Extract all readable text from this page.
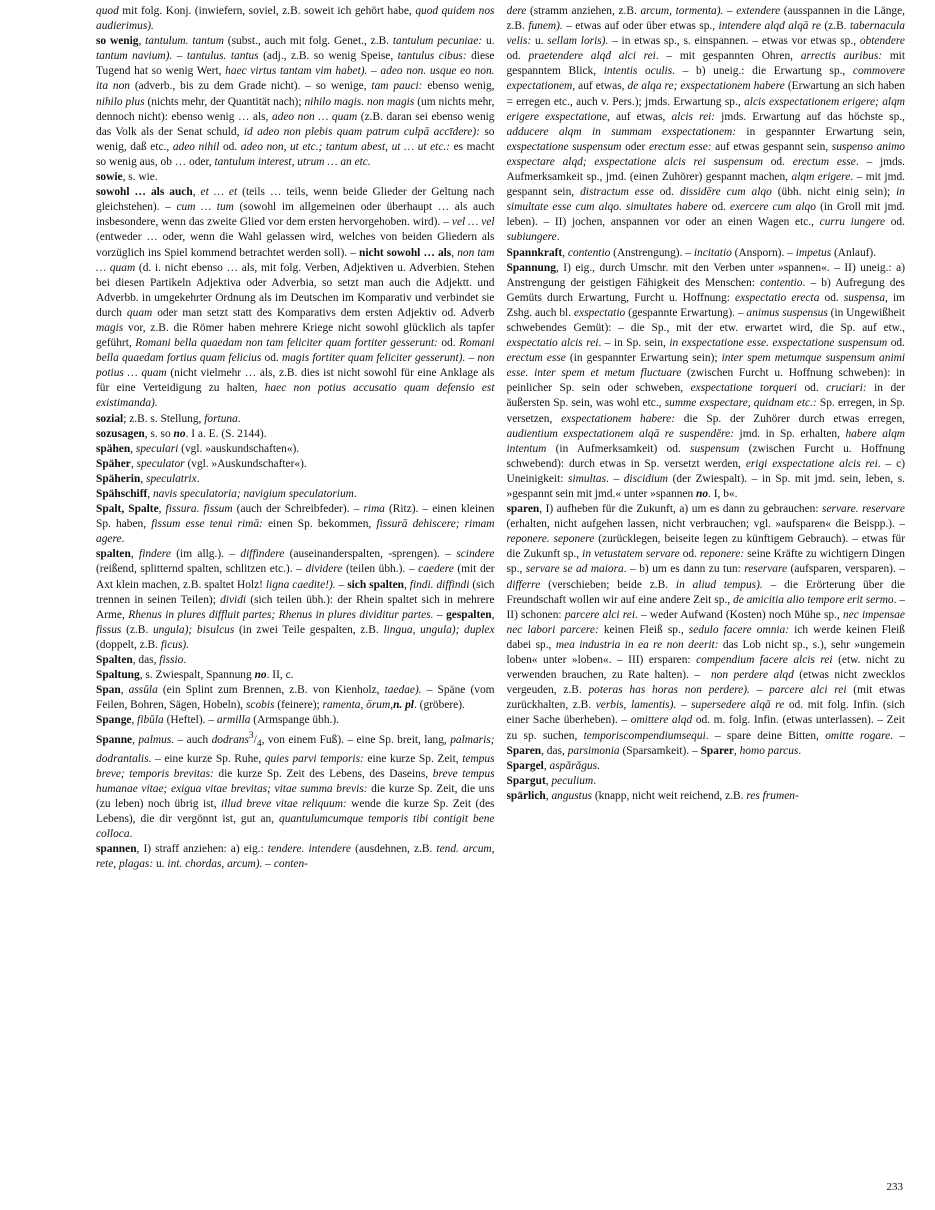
quod mit folg. Konj. (inwiefern, soviel, z.B. soweit ich gehört habe, quod quidem nos audierimus).

so wenig, tantulum. tantum (subst., auch mit folg. Genet., z.B. tantulum pecuniae: u. tantum navium). – tantulus. tantus (adj., z.B. so wenig Speise, tantulus cibus: diese Tugend hat so wenig Wert, haec virtus tantam vim habet). – adeo non. usque eo non. ita non (adverb., bis zu dem Grade nicht). – so wenige, tam pauci: ebenso wenig, nihilo plus (nichts mehr, der Quantität nach); nihilo magis. non magis (um nichts mehr, dennoch nicht): ebenso wenig … als, adeo non … quam (z.B. daran sei ebenso wenig das Volk als der Senat schuld, id adeo non plebis quam patrum culpā accīdere): so wenig, daß etc., adeo nihil od. adeo non, ut etc.; tantum abest, ut … ut etc.: es macht so wenig aus, ob … oder, tantulum interest, utrum … an etc.

sowie, s. wie.

sowohl … als auch, et … et (teils … teils, wenn beide Glieder der Geltung nach gleichstehen). – cum … tum (sowohl im allgemeinen oder überhaupt … als auch insbesondere, wenn das zweite Glied vor dem ersten hervorgehoben. wird). – vel … vel (entweder … oder, wenn die Wahl gelassen wird, welches von beiden Gliedern als vorzüglich ins Spiel kommend betrachtet werden soll). – nicht sowohl … als, non tam … quam (d. i. nicht ebenso … als, mit folg. Verben, Adjektiven u. Adverbien. Stehen bei diesen Partikeln Adjektiva oder Adverbia, so setzt man auch die Adjektt. und Adverbb. in umgekehrter Ordnung als im Deutschen im Komparativ und verbindet sie durch quam oder man setzt statt des Komparativs dem ersten Adjektiv od. Adverb magis vor, z.B. die Römer haben mehrere Kriege nicht sowohl glücklich als tapfer geführt, Romani bella quaedam non tam feliciter quam fortiter gesserunt: od. Romani bella quaedam fortius quam felicius od. magis fortiter quam feliciter gesserunt). – non potius … quam (nicht vielmehr … als, z.B. dies ist nicht sowohl für eine Anklage als für eine Verteidigung zu halten, haec non potius accusatio quam defensio est existimanda).

sozial; z.B. s. Stellung, fortuna.

sozusagen, s. so no. I a. E. (S. 2144).

spähen, speculari (vgl. »auskundschaften«).

Späher, speculator (vgl. »Auskundschafter«).

Späherin, speculatrix.

Spähschiff, navis speculatoria; navigium speculatorium.

Spalt, Spalte, fissura. fissum (auch der Schreibfeder). – rima (Ritz). – einen kleinen Sp. haben, fissum esse tenui rimā: einen Sp. bekommen, fissurā dehiscere; rimam agere.

spalten, findere (im allg.). – diffindere (auseinanderspalten, -sprengen). – scindere (reißend, splitternd spalten, schlitzen etc.). – dividere (teilen übh.). – caedere (mit der Axt klein machen, z.B. spaltet Holz! ligna caedite!). – sich spalten, findi. diffindi (sich trennen in seinen Teilen); dividi (sich teilen übh.): der Rhein spaltet sich in mehrere Arme, Rhenus in plures diffluit partes; Rhenus in plures dividitur partes. – gespalten, fissus (z.B. ungula); bisulcus (in zwei Teile gespalten, z.B. lingua, ungula); duplex (doppelt, z.B. ficus).

Spalten, das, fissio.

Spaltung, s. Zwiespalt, Spannung no. II, c.

Span, assŭla (ein Splint zum Brennen, z.B. von Kienholz, taedae). – Späne (vom Feilen, Bohren, Sägen, Hobeln), scobis (feinere); ramenta, ōrum,n. pl. (gröbere).

Spange, fibŭla (Heftel). – armilla (Armspange übh.).

Spanne, palmus. – auch $dodrans^3/_4$, von einem Fuß). – eine Sp. breit, lang, palmaris; dodrantalis. – eine kurze Sp. Ruhe, quies parvi temporis: eine kurze Sp. Zeit, tempus breve; temporis brevitas: die kurze Sp. Zeit des Lebens, des Daseins, breve tempus humanae vitae; exigua vitae brevitas; vitae summa brevis: die kurze Sp. Zeit, die uns (zu leben) noch übrig ist, illud breve vitae reliquum: wende die kurze Sp. Zeit (des Lebens), die dir vergönnt ist, gut an, quantulumcumque temporis tibi contigit bene colloca.

spannen, I) straff anziehen: a) eig.: tendere. intendere (ausdehnen, z.B. tend. arcum, rete, plagas: u. int. chordas, arcum). – conten-

dere (stramm anziehen, z.B. arcum, tormenta). – extendere (ausspannen in die Länge, z.B. funem). – etwas auf oder über etwas sp., intendere alqd alqā re (z.B. tabernacula velis: u. sellam loris). – in etwas sp., s. einspannen. – etwas vor etwas sp., obtendere od. praetendere alqd alci rei. – mit gespannten Ohren, arrectis auribus: mit gespanntem Blick, intentis oculis. – b) uneig.: die Erwartung sp., commovere expectationem, auf etwas, de alqa re; exspectationem habere (Erwartung an sich haben = erregen etc., auch v. Pers.); jmds. Erwartung sp., alcis exspectationem erigere; alqm erigere exspectatione, auf etwas, alcis rei: jmds. Erwartung auf das höchste sp., adducere alqm in summam exspectationem: in gespannter Erwartung sein, exspectatione suspensum oder erectum esse: auf etwas gespannt sein, suspenso animo exspectare alqd; exspectatione alcis rei suspensum od. erectum esse. – jmds. Aufmerksamkeit sp., jmd. (einen Zuhörer) gespannt machen, alqm erigere. – mit jmd. gespannt sein, distractum esse od. dissidēre cum alqo (übh. nicht einig sein); in simultate esse cum alqo. simultates habere od. exercere cum alqo (in Groll mit jmd. leben). – II) jochen, anspannen vor oder an einen Wagen etc., curru iungere od. subiungere.

Spannkraft, contentio (Anstrengung). – incitatio (Ansporn). – impetus (Anlauf).

Spannung, I) eig., durch Umschr. mit den Verben unter »spannen«. – II) uneig.: a) Anstrengung der geistigen Fähigkeit des Menschen: contentio. – b) Aufregung des Gemüts durch Erwartung, Furcht u. Hoffnung: exspectatio erecta od. suspensa, im Zshg. auch bl. exspectatio (gespannte Erwartung). – animus suspensus (in Ungewißheit schwebendes Gemüt): – die Sp., mit der etw. erwartet wird, die Sp. auf etw., exspectatio alcis rei. – in Sp. sein, in exspectatione esse. exspectatione suspensum od. erectum esse (in gespannter Erwartung sein); inter spem metumque suspensum animi esse. inter spem et metum fluctuare (zwischen Furcht u. Hoffnung schweben): in peinlicher Sp. sein oder schweben, exspectatione torqueri od. cruciari: in der äußersten Sp. sein, was wohl etc., summe exspectare, quidnam etc.: Sp. erregen, in Sp. versetzen, exspectationem habere: die Sp. der Zuhörer durch etwas erregen, audientium exspectationem alqā re suspendĕre: jmd. in Sp. erhalten, habere alqm intentum (in Aufmerksamkeit) od. suspensum (zwischen Furcht u. Hoffnung schwebend): durch etwas in Sp. versetzt werden, erigi exspectatione alcis rei. – c) Uneinigkeit: simultas. – discidium (der Zwiespalt). – in Sp. mit jmd. sein, leben, s. »gespannt sein mit jmd.« unter »spannen no. I, b«.

sparen, I) aufheben für die Zukunft, a) um es dann zu gebrauchen: servare. reservare (erhalten, nicht aufgehen lassen, nicht verbrauchen; vgl. »aufsparen« die Beispp.). – reponere. seponere (zurücklegen, beiseite legen zu künftigem Gebrauch). – etwas für die Zukunft sp., in vetustatem servare od. reponere: seine Kräfte zu wichtigern Dingen sp., servare se ad maiora. – b) um es dann zu tun: reservare (aufsparen, versparen). – differre (verschieben; beide z.B. in aliud tempus). – die Erörterung über die Freundschaft wollen wir auf eine andere Zeit sp., de amicitia alio tempore erit sermo. – II) schonen: parcere alci rei. – weder Aufwand (Kosten) noch Mühe sp., nec impensae nec labori parcere: keinen Fleiß sp., sedulo facere omnia: ich werde keinen Fleiß dabei sp., mea industria in ea re non deerit: das Lob nicht sp., s.), sehr »ungemein loben« unter »loben«. – III) ersparen: compendium facere alcis rei (etw. nicht zu verwenden brauchen, zu Rate halten). –  non perdere alqd (etwas nicht zwecklos vergeuden, z.B. poteras has horas non perdere). – parcere alci rei (mit etwas zurückhalten, z.B. verbis, lamentis). – supersedere alqā re od. mit folg. Infin. (sich einer Sache überheben). – omittere alqd od. m. folg. Infin. (etwas unterlassen). – Zeit zu sp. suchen, temporiscompendiumsequi. – spare deine Bitten, omitte rogare. – Sparen, das, parsimonia (Sparsamkeit). – Sparer, homo parcus.

Spargel, aspărăgus.

Spargut, peculium.

spärlich, angustus (knapp, nicht weit reichend, z.B. res frumen-

233
